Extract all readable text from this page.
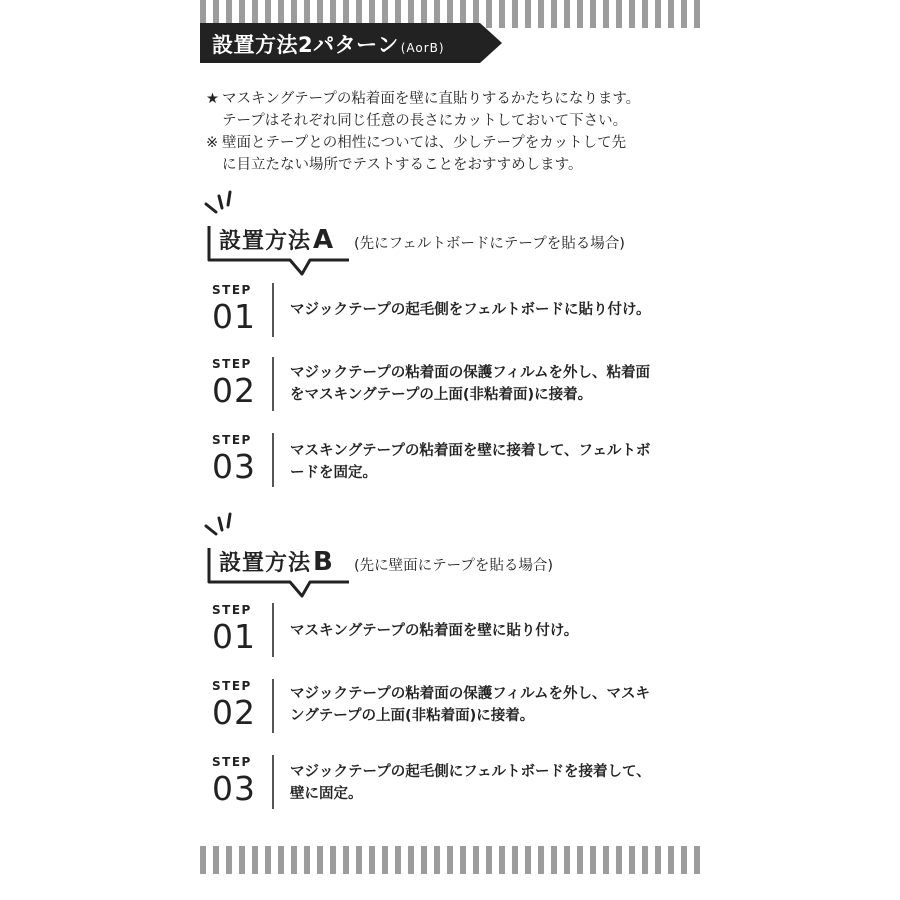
設置方法2パターン (AorB)
★ マスキングテープの粘着面を壁に直貼りするかたちになります。
テープはそれぞれ同じ任意の長さにカットしておいて下さい。
※ 壁面とテープとの相性については、少しテープをカットして先
に目立たない場所でテストすることをおすすめします。
設置方法A (先にフェルトボードにテープを貼る場合)
STEP
01 マジックテープの起毛側をフェルトボードに貼り付け。
STEP
02 マジックテープの粘着面の保護フィルムを外し、粘着面
をマスキングテープの上面(非粘着面)に接着。
STEP
03 マスキングテープの粘着面を壁に接着して、フェルトボ
ードを固定。
設置方法B (先に壁面にテープを貼る場合)
STEP
01 マスキングテープの粘着面を壁に貼り付け。
STEP
02 マジックテープの粘着面の保護フィルムを外し、マスキ
ングテープの上面(非粘着面)に接着。
STEP
03 マジックテープの起毛側にフェルトボードを接着して、
壁に固定。
